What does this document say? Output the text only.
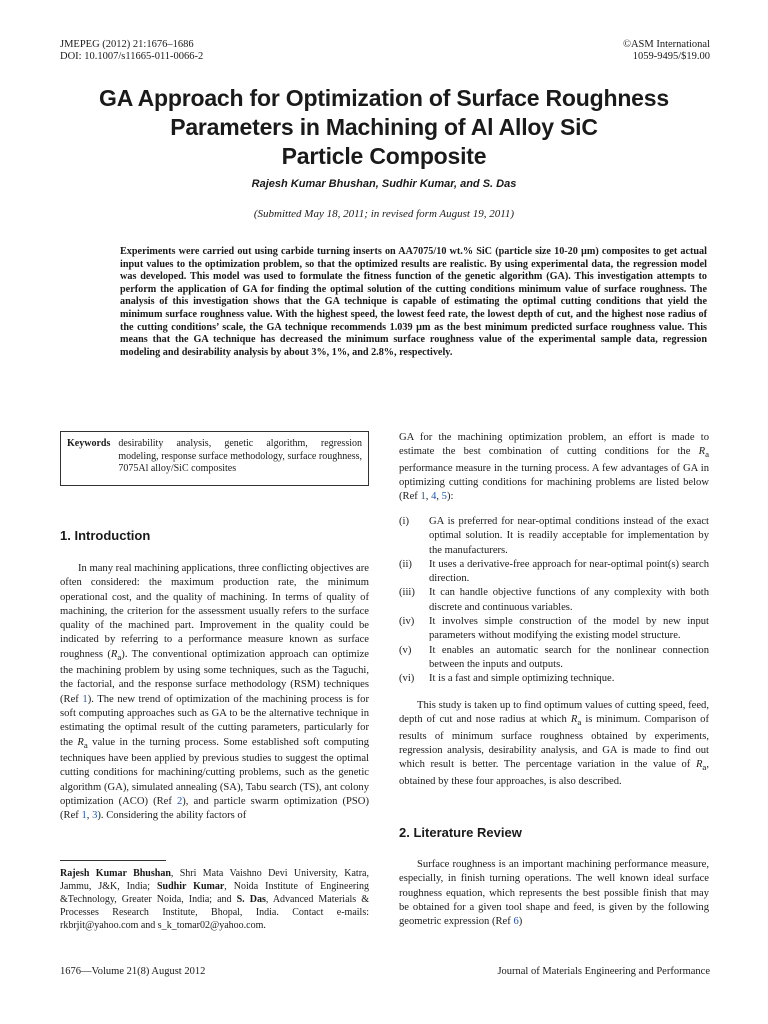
JMEPEG (2012) 21:1676–1686
DOI: 10.1007/s11665-011-0066-2
©ASM International
1059-9495/$19.00
GA Approach for Optimization of Surface Roughness
Parameters in Machining of Al Alloy SiC
Particle Composite
Rajesh Kumar Bhushan, Sudhir Kumar, and S. Das
(Submitted May 18, 2011; in revised form August 19, 2011)
Experiments were carried out using carbide turning inserts on AA7075/10 wt.% SiC (particle size 10-20 µm) composites to get actual input values to the optimization problem, so that the optimized results are realistic. By using experimental data, the regression model was developed. This model was used to formulate the fitness function of the genetic algorithm (GA). This investigation attempts to perform the application of GA for finding the optimal solution of the cutting conditions minimum value of surface roughness. The analysis of this investigation shows that the GA technique is capable of estimating the optimal cutting conditions that yield the minimum surface roughness value. With the highest speed, the lowest feed rate, the lowest depth of cut, and the highest nose radius of the cutting conditions’ scale, the GA technique recommends 1.039 µm as the best minimum predicted surface roughness value. This means that the GA technique has decreased the minimum surface roughness value of the experimental sample data, regression modeling and desirability analysis by about 3%, 1%, and 2.8%, respectively.
Keywords desirability analysis, genetic algorithm, regression modeling, response surface methodology, surface roughness, 7075Al alloy/SiC composites
1. Introduction

In many real machining applications, three conflicting objectives are often considered: the maximum production rate, the minimum operational cost, and the quality of machining. In terms of quality of machining, the criterion for the assessment usually refers to the surface quality of the machined part. Improvement in the quality could be indicated by referring to a performance measure known as surface roughness $(R_a)$. The conventional optimization approach can optimize the machining problem by using some techniques, such as the Taguchi, the factorial, and the response surface methodology (RSM) techniques (Ref 1). The new trend of optimization of the machining process is for soft computing approaches such as GA to be the alternative technique in estimating the optimal result of the cutting parameters, particularly for the $R_a$ value in the turning process. Some established soft computing techniques have been applied by previous studies to suggest the optimal cutting conditions for machining/cutting problems, such as the genetic algorithm (GA), simulated annealing (SA), Tabu search (TS), ant colony optimization (ACO) (Ref 2), and particle swarm optimization (PSO) (Ref 1, 3). Considering the ability factors of

Rajesh Kumar Bhushan, Shri Mata Vaishno Devi University, Katra, Jammu, J&K, India; Sudhir Kumar, Noida Institute of Engineering &Technology, Greater Noida, India; and S. Das, Advanced Materials & Processes Research Institute, Bhopal, India. Contact e-mails: rkbrjit@yahoo.com and s_k_tomar02@yahoo.com.

GA for the machining optimization problem, an effort is made to estimate the best combination of cutting conditions for the $R_a$ performance measure in the turning process. A few advantages of GA in optimizing cutting conditions for machining problems are listed below (Ref 1, 4, 5):

(i)	GA is preferred for near-optimal conditions instead of the exact optimal solution. It is readily acceptable for implementation by the manufacturers.
(ii)	It uses a derivative-free approach for near-optimal point(s) search direction.
(iii)	It can handle objective functions of any complexity with both discrete and continuous variables.
(iv)	It involves simple construction of the model by new input parameters without modifying the existing model structure.
(v)	It enables an automatic search for the nonlinear connection between the inputs and outputs.
(vi)	It is a fast and simple optimizing technique.

This study is taken up to find optimum values of cutting speed, feed, depth of cut and nose radius at which $R_a$ is minimum. Comparison of results of minimum surface roughness obtained by experiments, regression analysis, desirability analysis, and GA is made to find out which result is better. The percentage variation in the value of $R_a$, obtained by these four approaches, is also described.

2. Literature Review

Surface roughness is an important machining performance measure, especially, in finish turning operations. The well known ideal surface roughness equation, which represents the best possible finish that may be obtained for a given tool shape and feed, is given by the following geometric expression (Ref 6)

1676—Volume 21(8) August 2012	Journal of Materials Engineering and Performance
